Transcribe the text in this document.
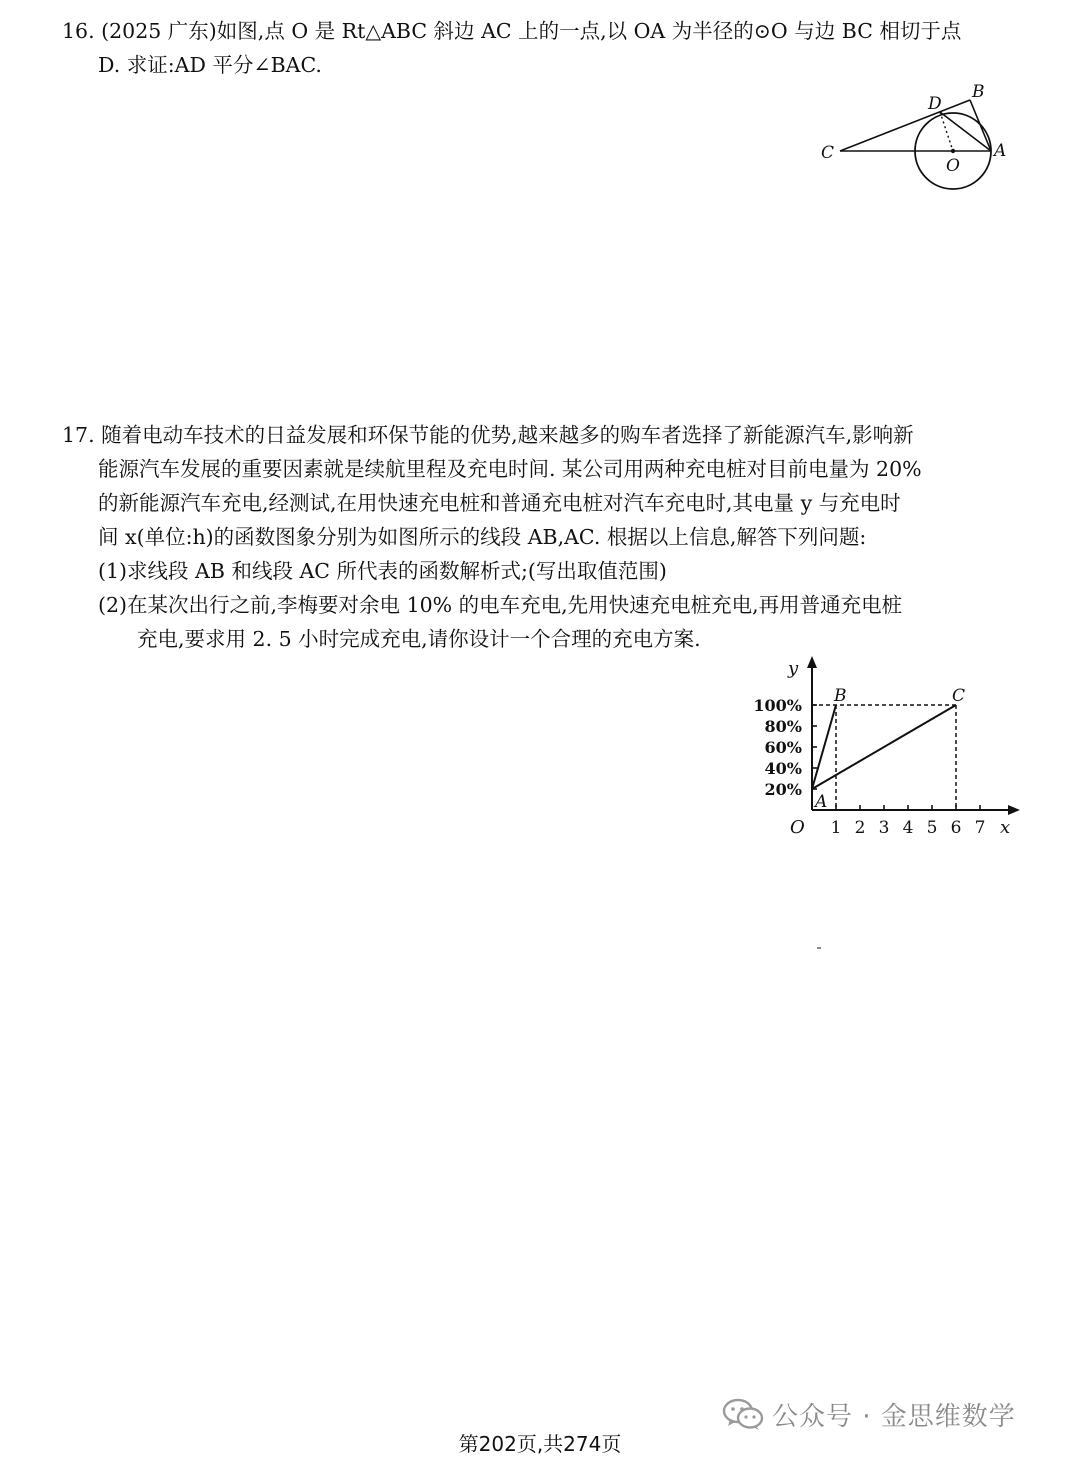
16. (2025 广东)如图,点 O 是 Rt△ABC 斜边 AC 上的一点,以 OA 为半径的⊙O 与边 BC 相切于点

D. 求证:AD 平分∠BAC.

B
D
C
O
A

17. 随着电动车技术的日益发展和环保节能的优势,越来越多的购车者选择了新能源汽车,影响新

能源汽车发展的重要因素就是续航里程及充电时间. 某公司用两种充电桩对目前电量为 20%

的新能源汽车充电,经测试,在用快速充电桩和普通充电桩对汽车充电时,其电量 y 与充电时

间 x(单位:h)的函数图象分别为如图所示的线段 AB,AC. 根据以上信息,解答下列问题:

(1)求线段 AB 和线段 AC 所代表的函数解析式;(写出取值范围)

(2)在某次出行之前,李梅要对余电 10% 的电车充电,先用快速充电桩充电,再用普通充电桩

充电,要求用 2. 5 小时完成充电,请你设计一个合理的充电方案.

1 2 3 4 5 6 7
20%
40%
60%
80%
100%
A
B	C
O	x
y
公众号 · 金思维数学
第202页,共274页
